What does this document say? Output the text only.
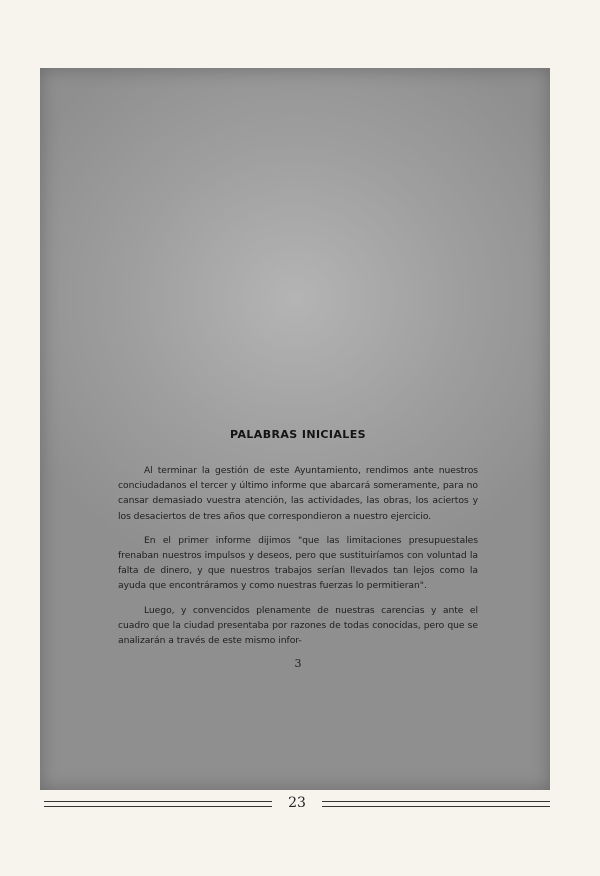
PALABRAS INICIALES

Al terminar la gestión de este Ayuntamiento, rendimos ante nuestros conciudadanos el tercer y último informe que abarcará someramente, para no cansar demasiado vuestra atención, las actividades, las obras, los aciertos y los desaciertos de tres años que correspondieron a nuestro ejercicio.

En el primer informe dijimos "que las limitaciones presupuestales frenaban nuestros impulsos y deseos, pero que sustituiríamos con voluntad la falta de dinero, y que nuestros trabajos serían llevados tan lejos como la ayuda que encontráramos y como nuestras fuerzas lo permitieran".

Luego, y convencidos plenamente de nuestras carencias y ante el cuadro que la ciudad presentaba por razones de todas conocidas, pero que se analizarán a través de este mismo infor-

3
23
